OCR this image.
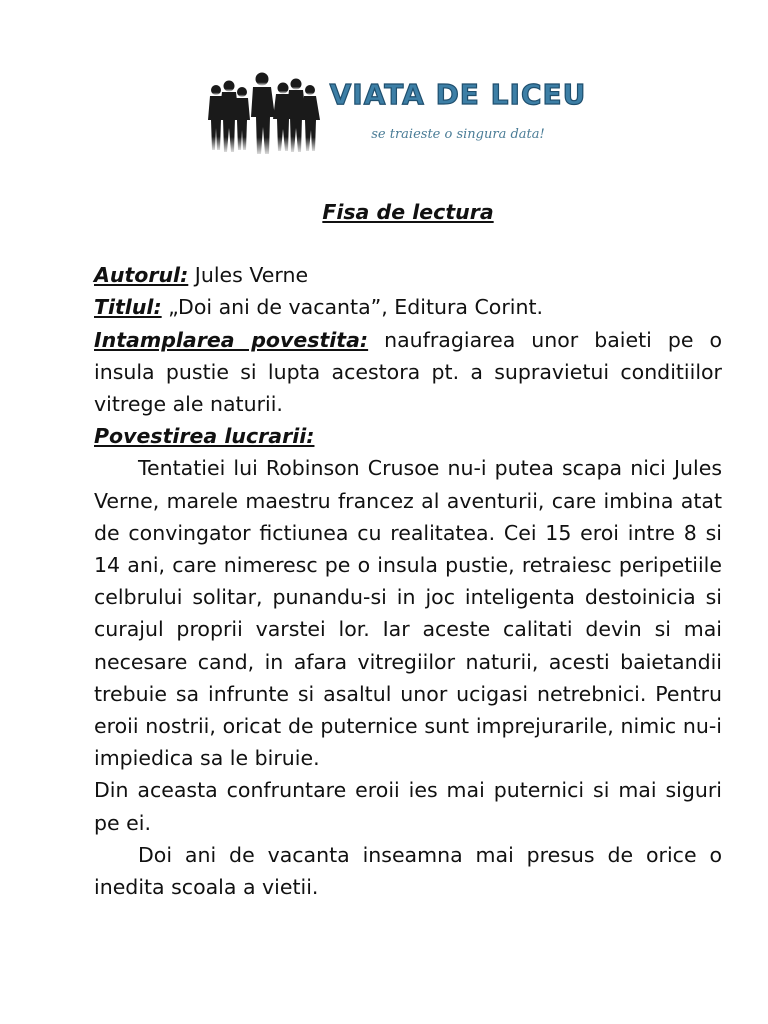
VIATA DE LICEU
se traieste o singura data!

Fisa de lectura

Autorul: Jules Verne

Titlul: „Doi ani de vacanta”, Editura Corint.

Intamplarea povestita: naufragiarea unor baieti pe o insula pustie si lupta acestora pt. a supravietui conditiilor vitrege ale naturii.

Povestirea lucrarii:

Tentatiei lui Robinson Crusoe nu-i putea scapa nici Jules Verne, marele maestru francez al aventurii, care imbina atat de convingator fictiunea cu realitatea. Cei 15 eroi intre 8 si 14 ani, care nimeresc pe o insula pustie, retraiesc peripetiile celbrului solitar, punandu-si in joc inteligenta destoinicia si curajul proprii varstei lor. Iar aceste calitati devin si mai necesare cand, in afara vitregiilor naturii, acesti baietandii trebuie sa infrunte si asaltul unor ucigasi netrebnici. Pentru eroii nostrii, oricat de puternice sunt imprejurarile, nimic nu-i impiedica sa le biruie.

Din aceasta confruntare eroii ies mai puternici si mai siguri pe ei.

Doi ani de vacanta inseamna mai presus de orice o inedita scoala a vietii.
